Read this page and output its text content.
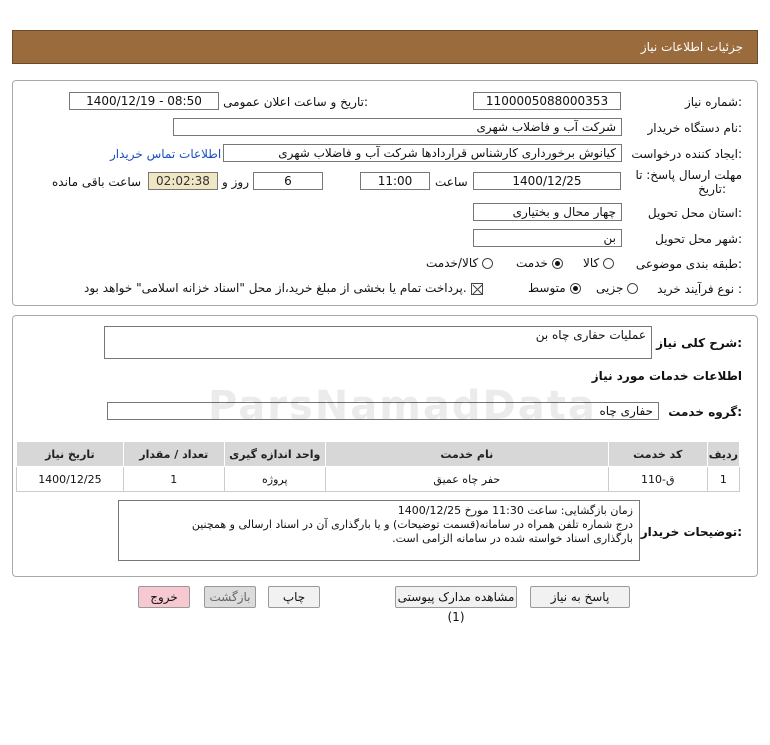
جزئیات اطلاعات نیاز
شماره نیاز:
1100005088000353
تاریخ و ساعت اعلان عمومی:
1400/12/19 - 08:50
نام دستگاه خریدار:
شرکت آب و فاضلاب شهری
ایجاد کننده درخواست:
کیانوش برخورداری کارشناس قراردادها شرکت آب و فاضلاب شهری
اطلاعات تماس خریدار
مهلت ارسال پاسخ: تا
تاریخ:
1400/12/25
ساعت
11:00
6
روز و
02:02:38
ساعت باقی مانده
استان محل تحویل:
چهار محال و بختیاری
شهر محل تحویل:
بن
طبقه بندی موضوعی:
کالا
خدمت
کالا/خدمت
نوع فرآیند خرید :
جزیی
متوسط
پرداخت تمام یا بخشی از مبلغ خرید،از محل "اسناد خزانه اسلامی" خواهد بود.
شرح کلی نیاز:
عملیات حفاری چاه بن
اطلاعات خدمات مورد نیاز
گروه خدمت:
حفاری چاه
ردیف	کد خدمت	نام خدمت	واحد اندازه گیری	تعداد / مقدار	تاریخ نیاز
1	ق-110	حفر چاه عمیق	پروژه	1	1400/12/25
توضیحات خریدار:
زمان بازگشایی: ساعت 11:30 مورخ 1400/12/25
درج شماره تلفن همراه در سامانه(قسمت توضیحات) و یا بارگذاری آن در اسناد ارسالی و همچنین
بارگذاری اسناد خواسته شده در سامانه الزامی است.
پاسخ به نیاز
مشاهده مدارک پیوستی (1)
چاپ
بازگشت
خروج
